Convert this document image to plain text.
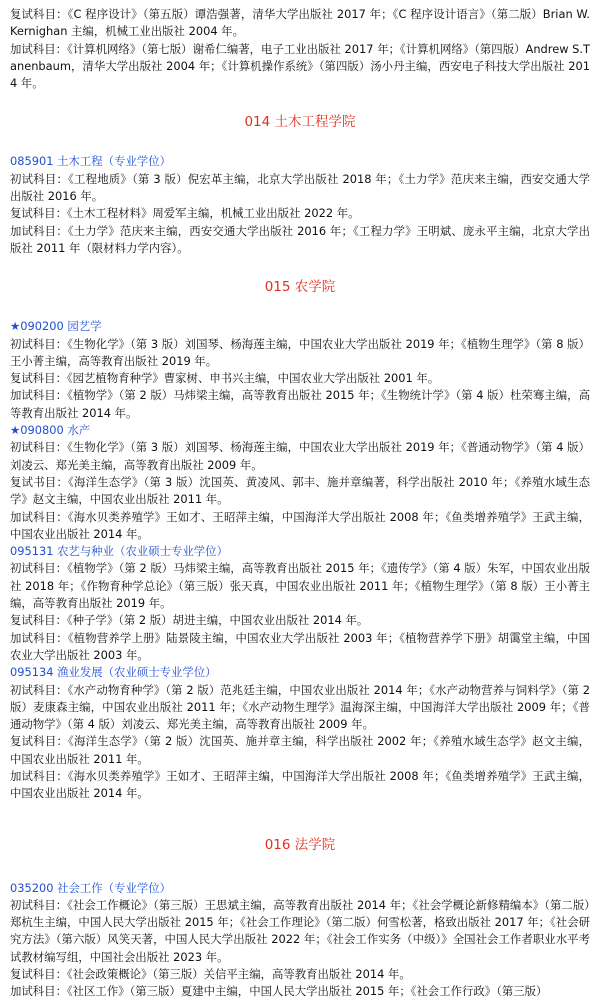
复试科目：《C 程序设计》（第五版）谭浩强著，清华大学出版社 2017 年；《C 程序设计语言》（第二版）Brian W.Kernighan 主编，机械工业出版社 2004 年。

加试科目：《计算机网络》（第七版）谢希仁编著，电子工业出版社 2017 年；《计算机网络》（第四版）Andrew S.Tanenbaum，清华大学出版社 2004 年；《计算机操作系统》（第四版）汤小丹主编，西安电子科技大学出版社 2014 年。

014 土木工程学院

085901 土木工程（专业学位）

初试科目：《工程地质》（第 3 版）倪宏革主编，北京大学出版社 2018 年；《土力学》范庆来主编，西安交通大学出版社 2016 年。

复试科目：《土木工程材料》周爱军主编，机械工业出版社 2022 年。

加试科目：《土力学》范庆来主编，西安交通大学出版社 2016 年；《工程力学》王明斌、庞永平主编，北京大学出版社 2011 年（限材料力学内容）。

015 农学院

★090200 园艺学

初试科目：《生物化学》（第 3 版）刘国琴、杨海莲主编，中国农业大学出版社 2019 年；《植物生理学》（第 8 版）王小菁主编，高等教育出版社 2019 年。

复试科目：《园艺植物育种学》曹家树、申书兴主编，中国农业大学出版社 2001 年。

加试科目：《植物学》（第 2 版）马炜梁主编，高等教育出版社 2015 年；《生物统计学》（第 4 版）杜荣骞主编，高等教育出版社 2014 年。

★090800 水产

初试科目：《生物化学》（第 3 版）刘国琴、杨海莲主编，中国农业大学出版社 2019 年；《普通动物学》（第 4 版）刘凌云、郑光美主编，高等教育出版社 2009 年。

复试书目：《海洋生态学》（第 3 版）沈国英、黄凌风、郭丰、施并章编著，科学出版社 2010 年；《养殖水域生态学》赵文主编，中国农业出版社 2011 年。

加试科目：《海水贝类养殖学》王如才、王昭萍主编，中国海洋大学出版社 2008 年；《鱼类增养殖学》王武主编，中国农业出版社 2014 年。

095131 农艺与种业（农业硕士专业学位）

初试科目：《植物学》（第 2 版）马炜梁主编，高等教育出版社 2015 年；《遗传学》（第 4 版）朱军，中国农业出版社 2018 年；《作物育种学总论》（第三版）张天真，中国农业出版社 2011 年；《植物生理学》（第 8 版）王小菁主编，高等教育出版社 2019 年。

复试科目：《种子学》（第 2 版）胡进主编，中国农业出版社 2014 年。

加试科目：《植物营养学上册》陆景陵主编，中国农业大学出版社 2003 年；《植物营养学下册》胡霭堂主编，中国农业大学出版社 2003 年。

095134 渔业发展（农业硕士专业学位）

初试科目：《水产动物育种学》（第 2 版）范兆廷主编，中国农业出版社 2014 年；《水产动物营养与饲料学》（第 2 版）麦康森主编，中国农业出版社 2011 年；《水产动物生理学》温海深主编，中国海洋大学出版社 2009 年；《普通动物学》（第 4 版）刘凌云、郑光美主编，高等教育出版社 2009 年。

复试科目：《海洋生态学》（第 2 版）沈国英、施并章主编，科学出版社 2002 年；《养殖水域生态学》赵文主编，中国农业出版社 2011 年。

加试科目：《海水贝类养殖学》王如才、王昭萍主编，中国海洋大学出版社 2008 年；《鱼类增养殖学》王武主编，中国农业出版社 2014 年。

016 法学院

035200 社会工作（专业学位）

初试科目：《社会工作概论》（第三版）王思斌主编，高等教育出版社 2014 年；《社会学概论新修精编本》（第二版）郑杭生主编，中国人民大学出版社 2015 年；《社会工作理论》（第二版）何雪松著，格致出版社 2017 年；《社会研究方法》（第六版）风笑天著，中国人民大学出版社 2022 年；《社会工作实务（中级）》全国社会工作者职业水平考试教材编写组，中国社会出版社 2023 年。

复试科目：《社会政策概论》（第三版）关信平主编，高等教育出版社 2014 年。

加试科目：《社区工作》（第三版）夏建中主编，中国人民大学出版社 2015 年；《社会工作行政》（第三版）
